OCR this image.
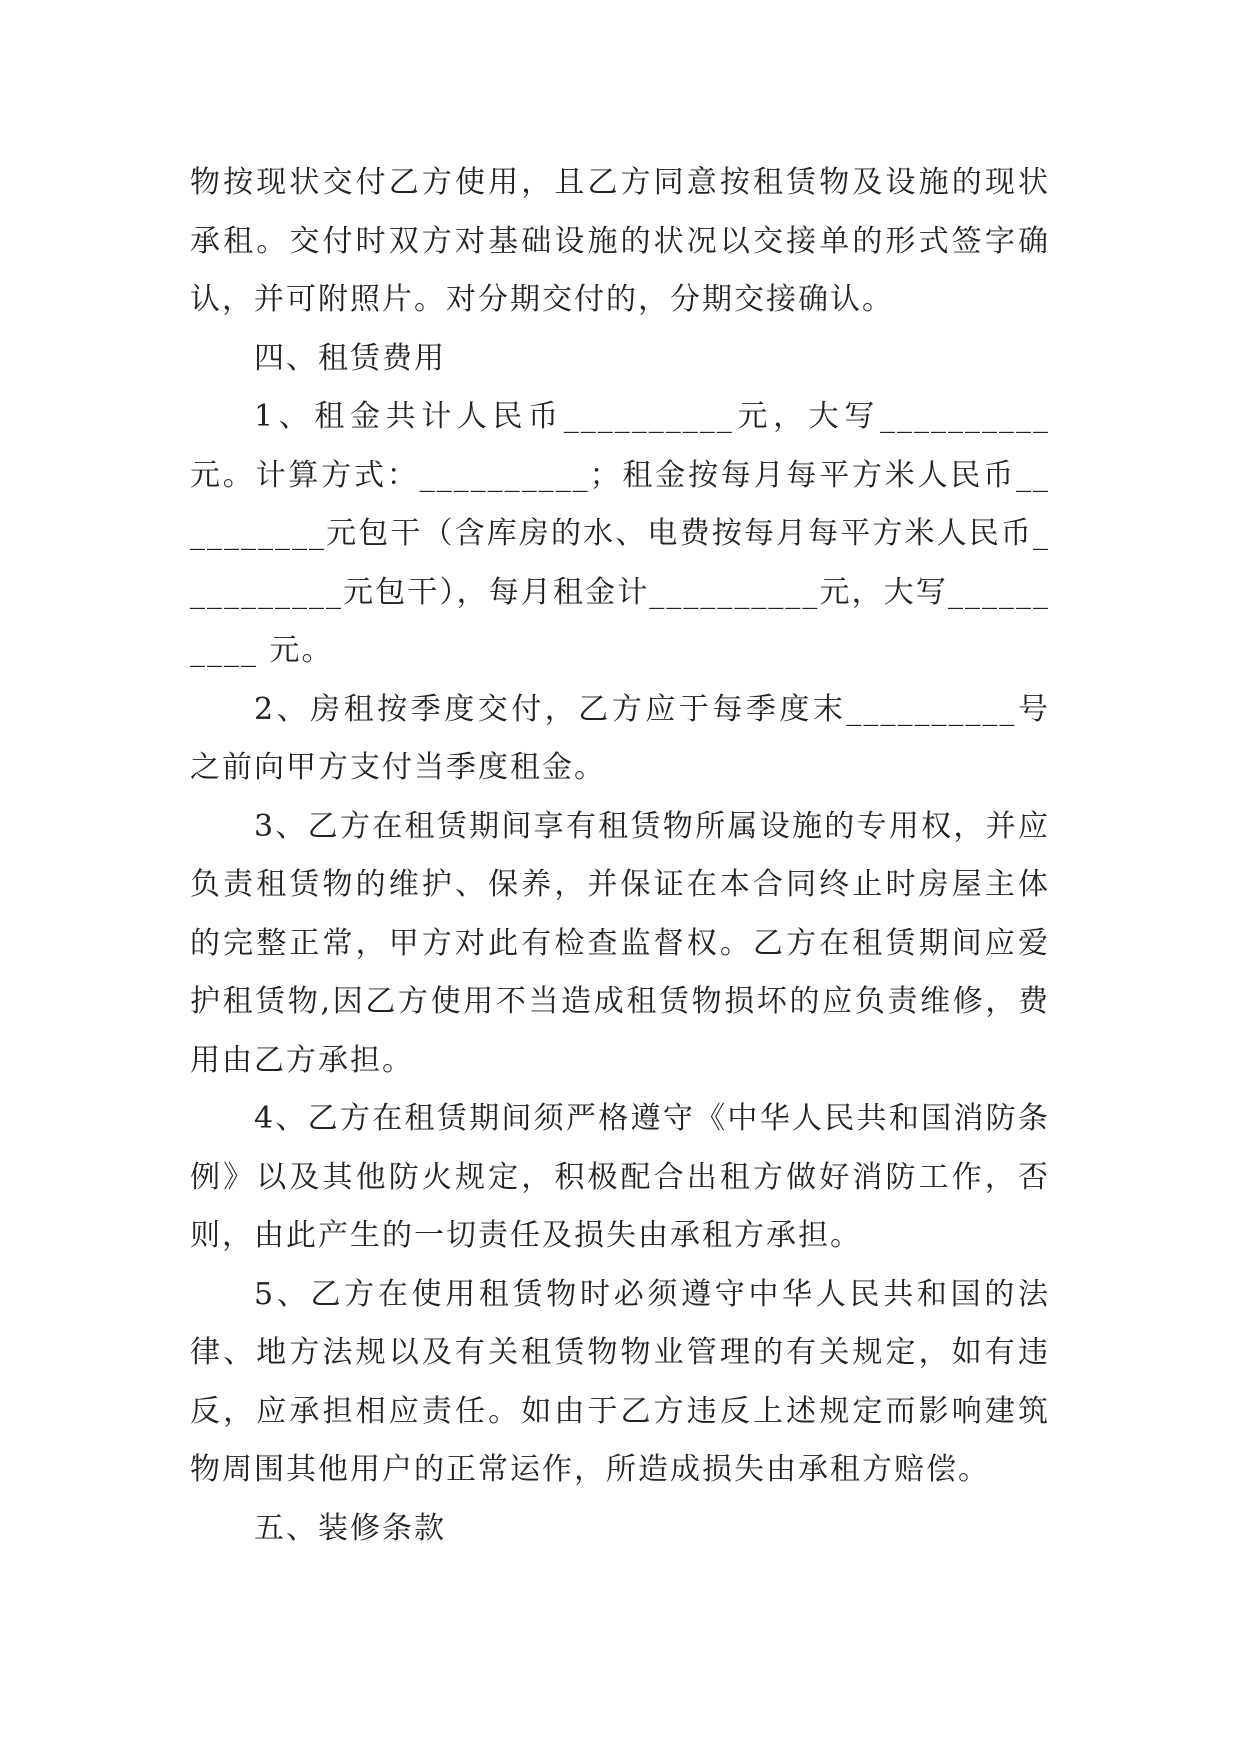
物按现状交付乙方使用，且乙方同意按租赁物及设施的现状承租。交付时双方对基础设施的状况以交接单的形式签字确认，并可附照片。对分期交付的，分期交接确认。

四、租赁费用

1、租金共计人民币__________元，大写__________元。计算方式：__________；租金按每月每平方米人民币__________元包干（含库房的水、电费按每月每平方米人民币__________元包干），每月租金计__________元，大写__________ 元。

2、房租按季度交付，乙方应于每季度末__________号之前向甲方支付当季度租金。

3、乙方在租赁期间享有租赁物所属设施的专用权，并应负责租赁物的维护、保养，并保证在本合同终止时房屋主体的完整正常，甲方对此有检查监督权。乙方在租赁期间应爱护租赁物,因乙方使用不当造成租赁物损坏的应负责维修，费用由乙方承担。

4、乙方在租赁期间须严格遵守《中华人民共和国消防条例》以及其他防火规定，积极配合出租方做好消防工作，否则，由此产生的一切责任及损失由承租方承担。

5、乙方在使用租赁物时必须遵守中华人民共和国的法律、地方法规以及有关租赁物物业管理的有关规定，如有违反，应承担相应责任。如由于乙方违反上述规定而影响建筑物周围其他用户的正常运作，所造成损失由承租方赔偿。

五、装修条款
